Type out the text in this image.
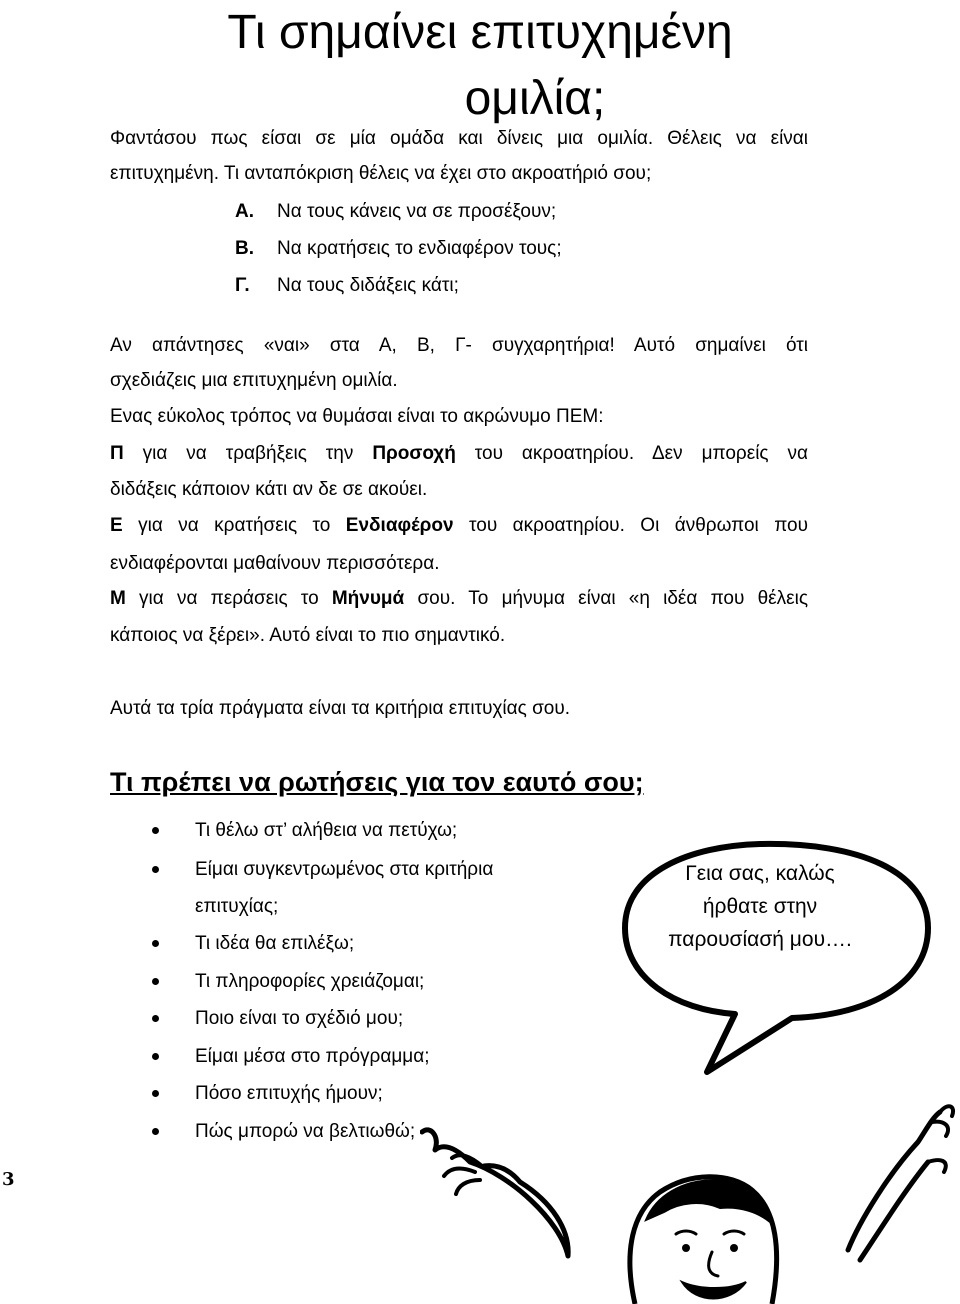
Τι σημαίνει επιτυχημένη
ομιλία;
Φαντάσου πως είσαι σε μία ομάδα και δίνεις μια ομιλία. Θέλεις να είναι
επιτυχημένη. Τι ανταπόκριση θέλεις να έχει στο ακροατήριό σου;
Α. Να τους κάνεις να σε προσέξουν;
Β. Να κρατήσεις το ενδιαφέρον τους;
Γ. Να τους διδάξεις κάτι;
Αν απάντησες «ναι» στα Α, Β, Γ- συγχαρητήρια! Αυτό σημαίνει ότι
σχεδιάζεις μια επιτυχημένη ομιλία.
Ενας εύκολος τρόπος να θυμάσαι είναι το ακρώνυμο ΠΕΜ:
Π για να τραβήξεις την Προσοχή του ακροατηρίου. Δεν μπορείς να
διδάξεις κάποιον κάτι αν δε σε ακούει.
Ε για να κρατήσεις το Ενδιαφέρον του ακροατηρίου. Οι άνθρωποι που
ενδιαφέρονται μαθαίνουν περισσότερα.
Μ για να περάσεις το Μήνυμά σου. Το μήνυμα είναι «η ιδέα που θέλεις
κάποιος να ξέρει». Αυτό είναι το πιο σημαντικό.
Αυτά τα τρία πράγματα είναι τα κριτήρια επιτυχίας σου.
Τι πρέπει να ρωτήσεις για τον εαυτό σου;
Τι θέλω στ’ αλήθεια να πετύχω;
Είμαι συγκεντρωμένος στα κριτήρια
επιτυχίας;
Τι ιδέα θα επιλέξω;
Τι πληροφορίες χρειάζομαι;
Ποιο είναι το σχέδιό μου;
Είμαι μέσα στο πρόγραμμα;
Πόσο επιτυχής ήμουν;
Πώς μπορώ να βελτιωθώ;
Γεια σας, καλώς
ήρθατε στην
παρουσίασή μου….
3
